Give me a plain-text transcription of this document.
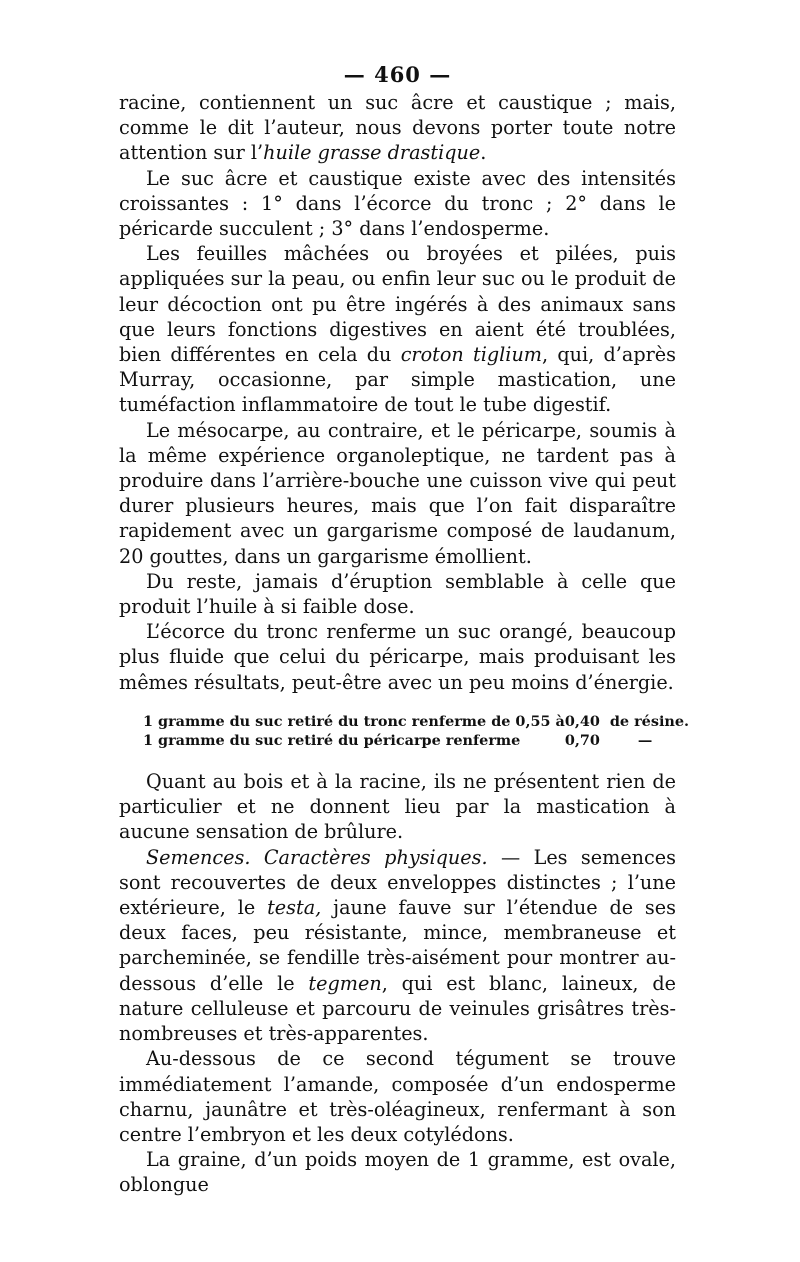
— 460 —

racine, contiennent un suc âcre et caustique ; mais, comme le dit l’auteur, nous devons porter toute notre attention sur l’huile grasse drastique.

Le suc âcre et caustique existe avec des intensités croissantes : 1° dans l’écorce du tronc ; 2° dans le péricarde succulent ; 3° dans l’endosperme.

Les feuilles mâchées ou broyées et pilées, puis appliquées sur la peau, ou enfin leur suc ou le produit de leur décoction ont pu être ingérés à des animaux sans que leurs fonctions digestives en aient été troublées, bien différentes en cela du croton tiglium, qui, d’après Murray, occasionne, par simple mastication, une tuméfaction inflammatoire de tout le tube digestif.

Le mésocarpe, au contraire, et le péricarpe, soumis à la même expérience organoleptique, ne tardent pas à produire dans l’arrière-bouche une cuisson vive qui peut durer plusieurs heures, mais que l’on fait disparaître rapidement avec un gargarisme composé de laudanum, 20 gouttes, dans un gargarisme émollient.

Du reste, jamais d’éruption semblable à celle que produit l’huile à si faible dose.

L’écorce du tronc renferme un suc orangé, beaucoup plus fluide que celui du péricarpe, mais produisant les mêmes résultats, peut-être avec un peu moins d’énergie.

1 gramme du suc retiré du tronc renferme de 0,55 à	0,40	de résine.
1 gramme du suc retiré du péricarpe renferme	0,70	—

Quant au bois et à la racine, ils ne présentent rien de particulier et ne donnent lieu par la mastication à aucune sensation de brûlure.

Semences. Caractères physiques. — Les semences sont recouvertes de deux enveloppes distinctes ; l’une extérieure, le testa, jaune fauve sur l’étendue de ses deux faces, peu résistante, mince, membraneuse et parcheminée, se fendille très-aisément pour montrer au-dessous d’elle le tegmen, qui est blanc, laineux, de nature celluleuse et parcouru de veinules grisâtres très-nombreuses et très-apparentes.

Au-dessous de ce second tégument se trouve immédiatement l’amande, composée d’un endosperme charnu, jaunâtre et très-oléagineux, renfermant à son centre l’embryon et les deux cotylédons.

La graine, d’un poids moyen de 1 gramme, est ovale, oblongue
